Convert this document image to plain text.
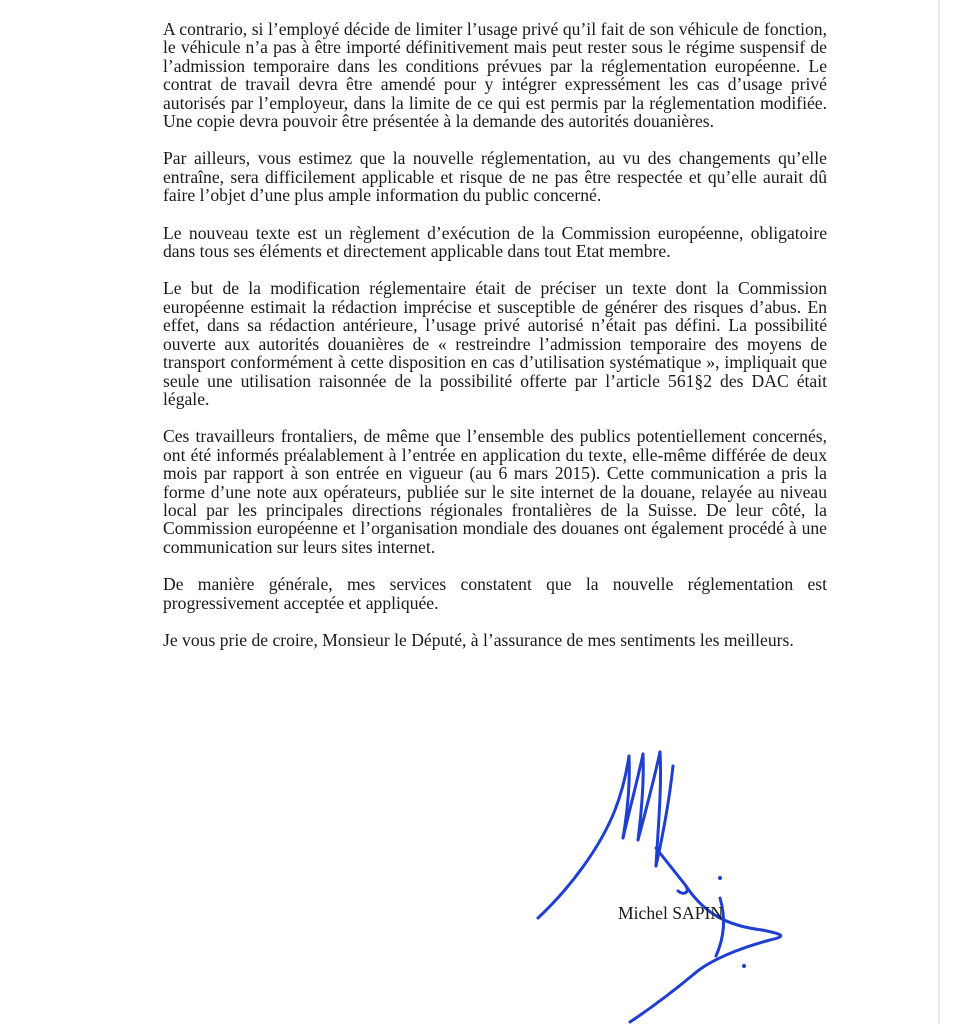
A contrario, si l’employé décide de limiter l’usage privé qu’il fait de son véhicule de fonction, le véhicule n’a pas à être importé définitivement mais peut rester sous le régime suspensif de l’admission temporaire dans les conditions prévues par la réglementation européenne. Le contrat de travail devra être amendé pour y intégrer expressément les cas d’usage privé autorisés par l’employeur, dans la limite de ce qui est permis par la réglementation modifiée. Une copie devra pouvoir être présentée à la demande des autorités douanières.

Par ailleurs, vous estimez que la nouvelle réglementation, au vu des changements qu’elle entraîne, sera difficilement applicable et risque de ne pas être respectée et qu’elle aurait dû faire l’objet d’une plus ample information du public concerné.

Le nouveau texte est un règlement d’exécution de la Commission européenne, obligatoire dans tous ses éléments et directement applicable dans tout Etat membre.

Le but de la modification réglementaire était de préciser un texte dont la Commission européenne estimait la rédaction imprécise et susceptible de générer des risques d’abus. En effet, dans sa rédaction antérieure, l’usage privé autorisé n’était pas défini. La possibilité ouverte aux autorités douanières de « restreindre l’admission temporaire des moyens de transport conformément à cette disposition en cas d’utilisation systématique », impliquait que seule une utilisation raisonnée de la possibilité offerte par l’article 561§2 des DAC était légale.

Ces travailleurs frontaliers, de même que l’ensemble des publics potentiellement concernés, ont été informés préalablement à l’entrée en application du texte, elle-même différée de deux mois par rapport à son entrée en vigueur (au 6 mars 2015). Cette communication a pris la forme d’une note aux opérateurs, publiée sur le site internet de la douane, relayée au niveau local par les principales directions régionales frontalières de la Suisse. De leur côté, la Commission européenne et l’organisation mondiale des douanes ont également procédé à une communication sur leurs sites internet.

De manière générale, mes services constatent que la nouvelle réglementation est progressivement acceptée et appliquée.

Je vous prie de croire, Monsieur le Député, à l’assurance de mes sentiments les meilleurs.

Michel SAPIN
